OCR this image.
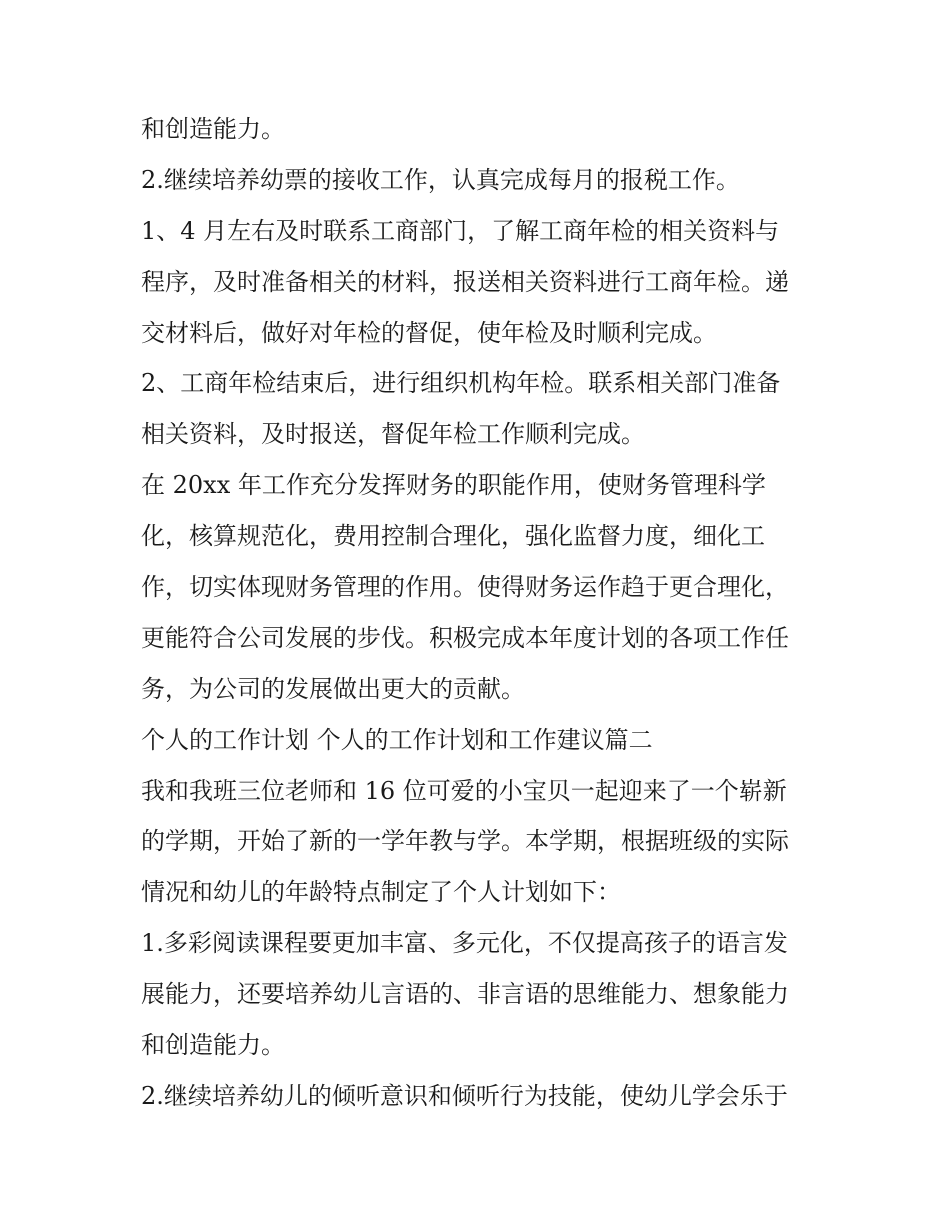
和创造能力。
2.继续培养幼票的接收工作，认真完成每月的报税工作。
1、4 月左右及时联系工商部门，了解工商年检的相关资料与
程序，及时准备相关的材料，报送相关资料进行工商年检。递
交材料后，做好对年检的督促，使年检及时顺利完成。
2、工商年检结束后，进行组织机构年检。联系相关部门准备
相关资料，及时报送，督促年检工作顺利完成。
在 20xx 年工作充分发挥财务的职能作用，使财务管理科学
化，核算规范化，费用控制合理化，强化监督力度，细化工
作，切实体现财务管理的作用。使得财务运作趋于更合理化，
更能符合公司发展的步伐。积极完成本年度计划的各项工作任
务，为公司的发展做出更大的贡献。
个人的工作计划 个人的工作计划和工作建议篇二
我和我班三位老师和 16 位可爱的小宝贝一起迎来了一个崭新
的学期，开始了新的一学年教与学。本学期，根据班级的实际
情况和幼儿的年龄特点制定了个人计划如下：
1.多彩阅读课程要更加丰富、多元化，不仅提高孩子的语言发
展能力，还要培养幼儿言语的、非言语的思维能力、想象能力
和创造能力。
2.继续培养幼儿的倾听意识和倾听行为技能，使幼儿学会乐于
